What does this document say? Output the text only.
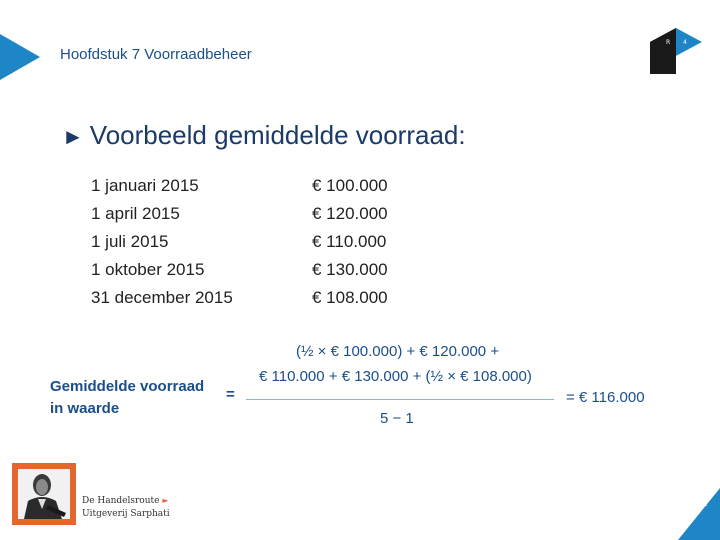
Hoofdstuk 7 Voorraadbeheer
R 4
► Voorbeeld gemiddelde voorraad:
1 januari 2015
1 april 2015
1 juli 2015
1 oktober 2015
31 december 2015
€ 100.000
€ 120.000
€ 110.000
€ 130.000
€ 108.000
Gemiddelde voorraad
in waarde
=
(½ × € 100.000) + € 120.000 +
€ 110.000 + € 130.000 + (½ × € 108.000)
5 − 1
= € 116.000
De Handelsroute ►
Uitgeverij Sarphati
11
